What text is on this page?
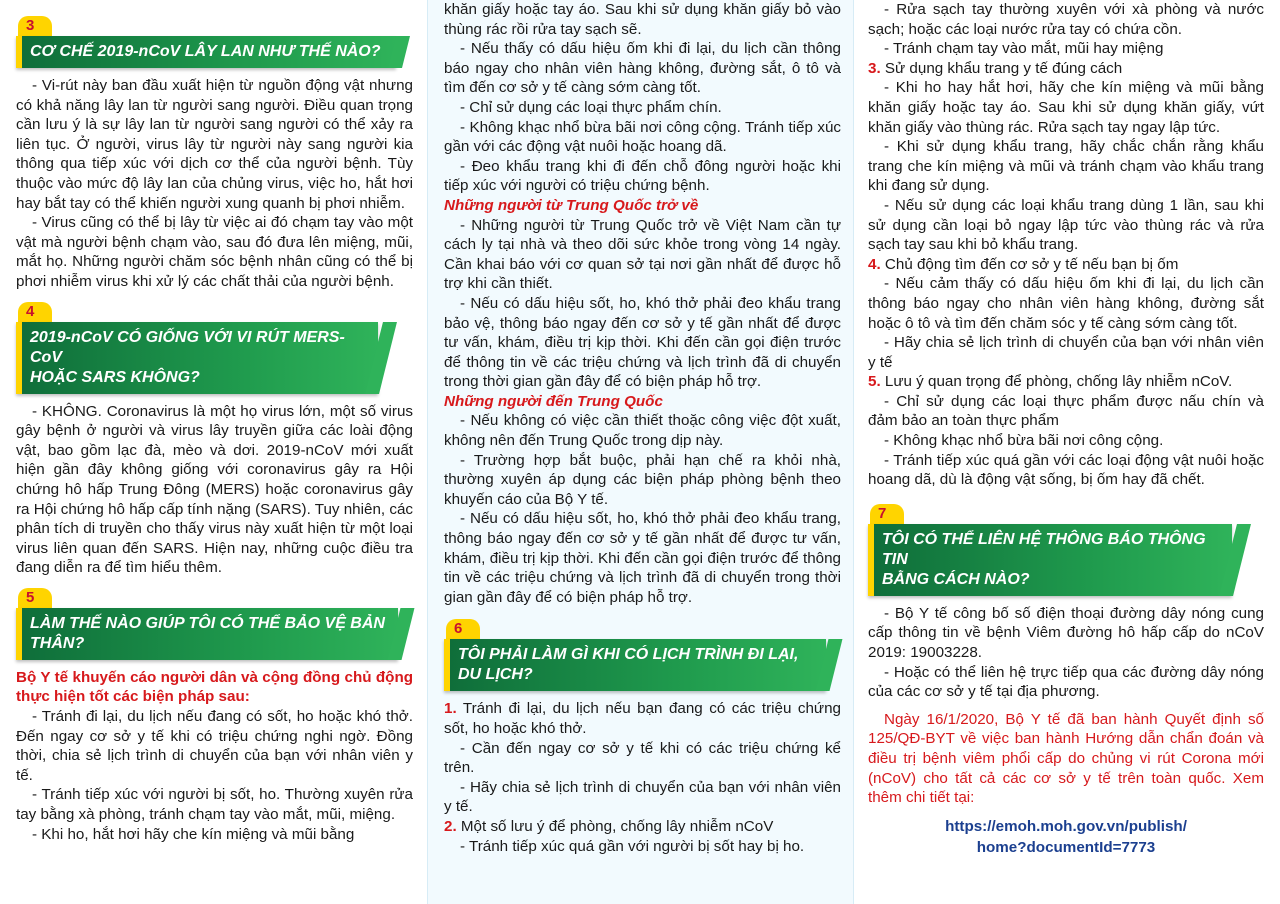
3
CƠ CHẾ 2019-nCoV LÂY LAN NHƯ THẾ NÀO?

- Vi-rút này ban đầu xuất hiện từ nguồn động vật nhưng có khả năng lây lan từ người sang người. Điều quan trọng cần lưu ý là sự lây lan từ người sang người có thể xảy ra liên tục. Ở người, virus lây từ người này sang người kia thông qua tiếp xúc với dịch cơ thể của người bệnh. Tùy thuộc vào mức độ lây lan của chủng virus, việc ho, hắt hơi hay bắt tay có thể khiến người xung quanh bị phơi nhiễm.

- Virus cũng có thể bị lây từ việc ai đó chạm tay vào một vật mà người bệnh chạm vào, sau đó đưa lên miệng, mũi, mắt họ. Những người chăm sóc bệnh nhân cũng có thể bị phơi nhiễm virus khi xử lý các chất thải của người bệnh.

4
2019-nCoV CÓ GIỐNG VỚI VI RÚT MERS-CoV
HOẶC SARS KHÔNG?

- KHÔNG. Coronavirus là một họ virus lớn, một số virus gây bệnh ở người và virus lây truyền giữa các loài động vật, bao gồm lạc đà, mèo và dơi. 2019-nCoV mới xuất hiện gần đây không giống với coronavirus gây ra Hội chứng hô hấp Trung Đông (MERS) hoặc coronavirus gây ra Hội chứng hô hấp cấp tính nặng (SARS). Tuy nhiên, các phân tích di truyền cho thấy virus này xuất hiện từ một loại virus liên quan đến SARS. Hiện nay, những cuộc điều tra đang diễn ra để tìm hiểu thêm.

5
LÀM THẾ NÀO GIÚP TÔI CÓ THỂ BẢO VỆ BẢN THÂN?

Bộ Y tế khuyến cáo người dân và cộng đồng chủ động thực hiện tốt các biện pháp sau:

- Tránh đi lại, du lịch nếu đang có sốt, ho hoặc khó thở. Đến ngay cơ sở y tế khi có triệu chứng nghi ngờ. Đồng thời, chia sẻ lịch trình di chuyển của bạn với nhân viên y tế.

- Tránh tiếp xúc với người bị sốt, ho. Thường xuyên rửa tay bằng xà phòng, tránh chạm tay vào mắt, mũi, miệng.

- Khi ho, hắt hơi hãy che kín miệng và mũi bằng

khăn giấy hoặc tay áo. Sau khi sử dụng khăn giấy bỏ vào thùng rác rồi rửa tay sạch sẽ.

- Nếu thấy có dấu hiệu ốm khi đi lại, du lịch cần thông báo ngay cho nhân viên hàng không, đường sắt, ô tô và tìm đến cơ sở y tế càng sớm càng tốt.

- Chỉ sử dụng các loại thực phẩm chín.

- Không khạc nhổ bừa bãi nơi công cộng. Tránh tiếp xúc gần với các động vật nuôi hoặc hoang dã.

- Đeo khẩu trang khi đi đến chỗ đông người hoặc khi tiếp xúc với người có triệu chứng bệnh.

Những người từ Trung Quốc trở về

- Những người từ Trung Quốc trở về Việt Nam cần tự cách ly tại nhà và theo dõi sức khỏe trong vòng 14 ngày. Cần khai báo với cơ quan sở tại nơi gần nhất để được hỗ trợ khi cần thiết.

- Nếu có dấu hiệu sốt, ho, khó thở phải đeo khẩu trang bảo vệ, thông báo ngay đến cơ sở y tế gần nhất để được tư vấn, khám, điều trị kịp thời. Khi đến cần gọi điện trước để thông tin về các triệu chứng và lịch trình đã di chuyển trong thời gian gần đây để có biện pháp hỗ trợ.

Những người đến Trung Quốc

- Nếu không có việc cần thiết thoặc công việc đột xuất, không nên đến Trung Quốc trong dịp này.

- Trường hợp bắt buộc, phải hạn chế ra khỏi nhà, thường xuyên áp dụng các biện pháp phòng bệnh theo khuyến cáo của Bộ Y tế.

- Nếu có dấu hiệu sốt, ho, khó thở phải đeo khẩu trang, thông báo ngay đến cơ sở y tế gần nhất để được tư vấn, khám, điều trị kịp thời. Khi đến cần gọi điện trước để thông tin về các triệu chứng và lịch trình đã di chuyển trong thời gian gần đây để có biện pháp hỗ trợ.

6
TÔI PHẢI LÀM GÌ KHI CÓ LỊCH TRÌNH ĐI LẠI, DU LỊCH?

1. Tránh đi lại, du lịch nếu bạn đang có các triệu chứng sốt, ho hoặc khó thở.

- Cần đến ngay cơ sở y tế khi có các triệu chứng kể trên.

- Hãy chia sẻ lịch trình di chuyển của bạn với nhân viên y tế.

2. Một số lưu ý để phòng, chống lây nhiễm nCoV

- Tránh tiếp xúc quá gần với người bị sốt hay bị ho.

- Rửa sạch tay thường xuyên với xà phòng và nước sạch; hoặc các loại nước rửa tay có chứa cồn.

- Tránh chạm tay vào mắt, mũi hay miệng

3. Sử dụng khẩu trang y tế đúng cách

- Khi ho hay hắt hơi, hãy che kín miệng và mũi bằng khăn giấy hoặc tay áo. Sau khi sử dụng khăn giấy, vứt khăn giấy vào thùng rác. Rửa sạch tay ngay lập tức.

- Khi sử dụng khẩu trang, hãy chắc chắn rằng khẩu trang che kín miệng và mũi và tránh chạm vào khẩu trang khi đang sử dụng.

- Nếu sử dụng các loại khẩu trang dùng 1 lần, sau khi sử dụng cần loại bỏ ngay lập tức vào thùng rác và rửa sạch tay sau khi bỏ khẩu trang.

4. Chủ động tìm đến cơ sở y tế nếu bạn bị ốm

- Nếu cảm thấy có dấu hiệu ốm khi đi lại, du lịch cần thông báo ngay cho nhân viên hàng không, đường sắt hoặc ô tô và tìm đến chăm sóc y tế càng sớm càng tốt.

- Hãy chia sẻ lịch trình di chuyển của bạn với nhân viên y tế

5. Lưu ý quan trọng để phòng, chống lây nhiễm nCoV.

- Chỉ sử dụng các loại thực phẩm được nấu chín và đảm bảo an toàn thực phẩm

- Không khạc nhổ bừa bãi nơi công cộng.

- Tránh tiếp xúc quá gần với các loại động vật nuôi hoặc hoang dã, dù là động vật sống, bị ốm hay đã chết.

7
TÔI CÓ THỂ LIÊN HỆ THÔNG BÁO THÔNG TIN
BẰNG CÁCH NÀO?

- Bộ Y tế công bố số điện thoại đường dây nóng cung cấp thông tin về bệnh Viêm đường hô hấp cấp do nCoV 2019: 19003228.

- Hoặc có thể liên hệ trực tiếp qua các đường dây nóng của các cơ sở y tế tại địa phương.

Ngày 16/1/2020, Bộ Y tế đã ban hành Quyết định số 125/QĐ-BYT về việc ban hành Hướng dẫn chẩn đoán và điều trị bệnh viêm phổi cấp do chủng vi rút Corona mới (nCoV) cho tất cả các cơ sở y tế trên toàn quốc. Xem thêm chi tiết tại:

https://emoh.moh.gov.vn/publish/
home?documentId=7773
